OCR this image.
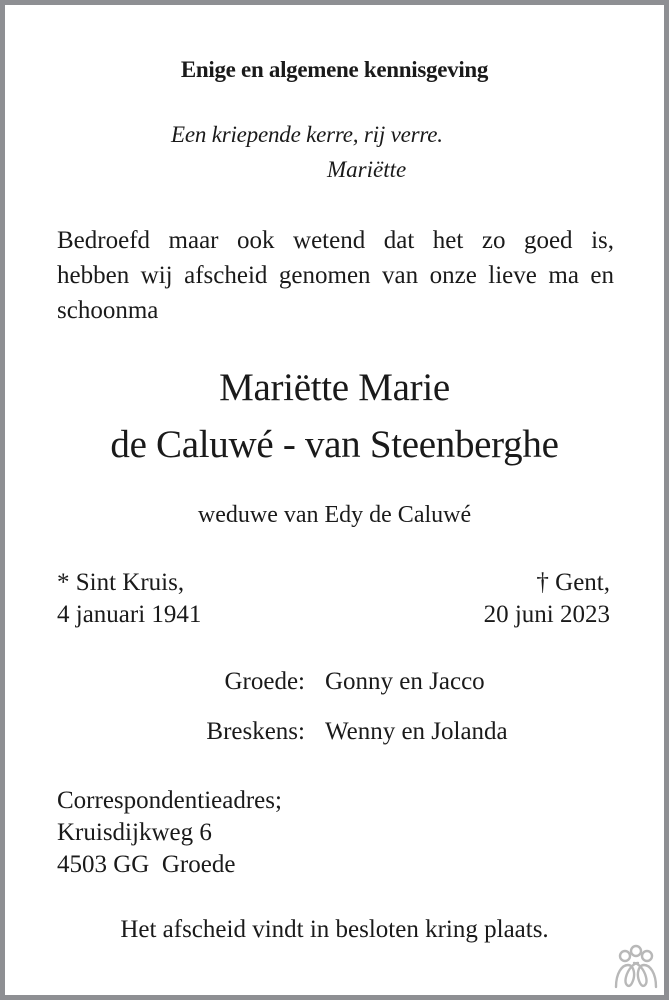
Enige en algemene kennisgeving
Een kriepende kerre, rij verre.
Mariëtte
Bedroefd maar ook wetend dat het zo goed is,
hebben wij afscheid genomen van onze lieve ma en
schoonma
Mariëtte Marie
de Caluwé - van Steenberghe
weduwe van Edy de Caluwé
* Sint Kruis,
4 januari 1941
† Gent,
20 juni 2023
Groede: Gonny en Jacco
Breskens: Wenny en Jolanda
Correspondentieadres;
Kruisdijkweg 6
4503 GG  Groede
Het afscheid vindt in besloten kring plaats.
